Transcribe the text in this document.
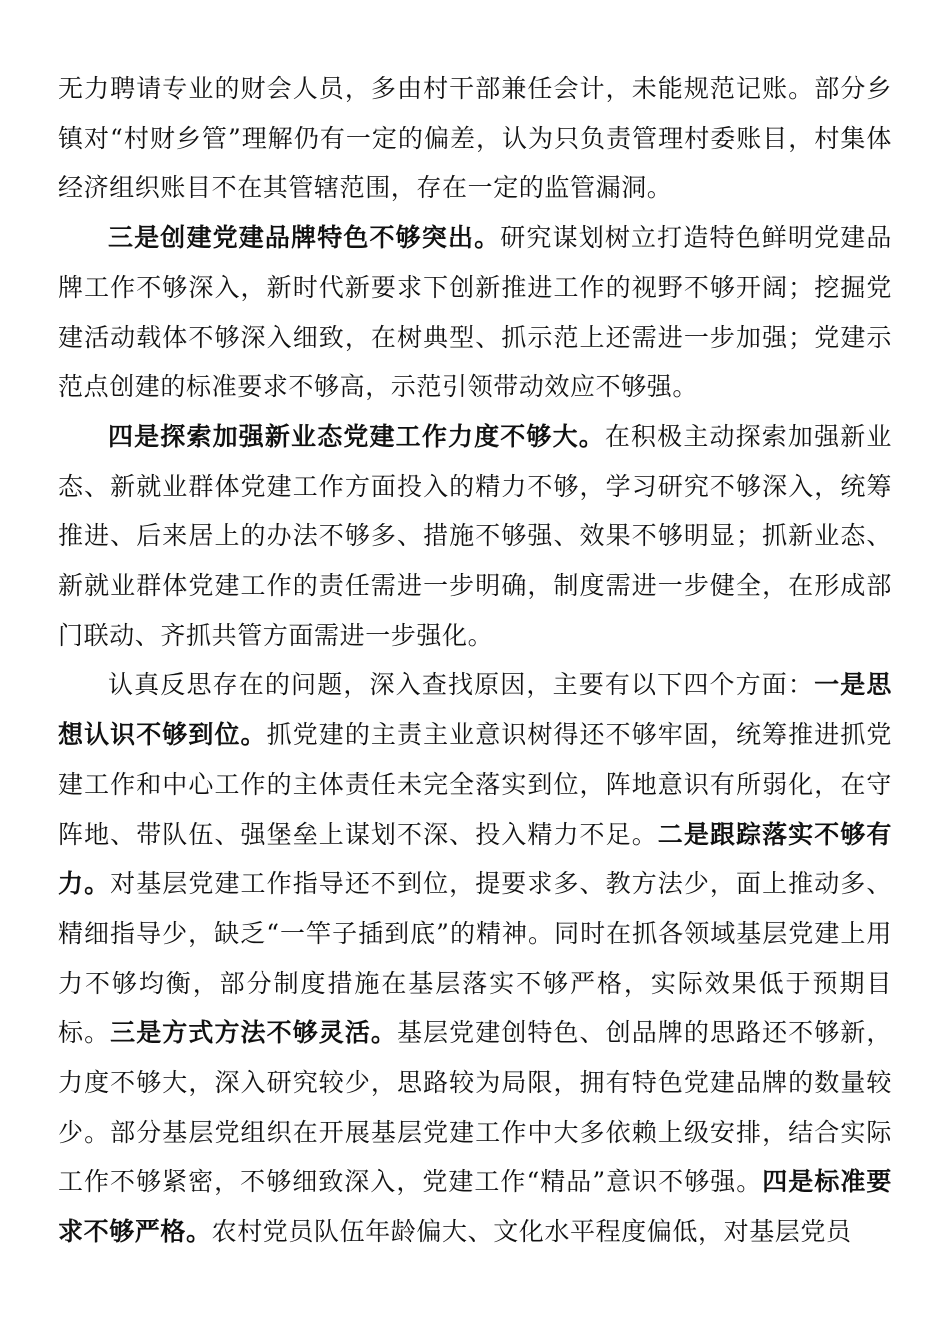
无力聘请专业的财会人员，多由村干部兼任会计，未能规范记账。部分乡镇对“村财乡管”理解仍有一定的偏差，认为只负责管理村委账目，村集体经济组织账目不在其管辖范围，存在一定的监管漏洞。

三是创建党建品牌特色不够突出。研究谋划树立打造特色鲜明党建品牌工作不够深入，新时代新要求下创新推进工作的视野不够开阔；挖掘党建活动载体不够深入细致，在树典型、抓示范上还需进一步加强；党建示范点创建的标准要求不够高，示范引领带动效应不够强。

四是探索加强新业态党建工作力度不够大。在积极主动探索加强新业态、新就业群体党建工作方面投入的精力不够，学习研究不够深入，统筹推进、后来居上的办法不够多、措施不够强、效果不够明显；抓新业态、新就业群体党建工作的责任需进一步明确，制度需进一步健全，在形成部门联动、齐抓共管方面需进一步强化。

认真反思存在的问题，深入查找原因，主要有以下四个方面：一是思想认识不够到位。抓党建的主责主业意识树得还不够牢固，统筹推进抓党建工作和中心工作的主体责任未完全落实到位，阵地意识有所弱化，在守阵地、带队伍、强堡垒上谋划不深、投入精力不足。二是跟踪落实不够有力。对基层党建工作指导还不到位，提要求多、教方法少，面上推动多、精细指导少，缺乏“一竿子插到底”的精神。同时在抓各领域基层党建上用力不够均衡，部分制度措施在基层落实不够严格，实际效果低于预期目标。三是方式方法不够灵活。基层党建创特色、创品牌的思路还不够新，力度不够大，深入研究较少，思路较为局限，拥有特色党建品牌的数量较少。部分基层党组织在开展基层党建工作中大多依赖上级安排，结合实际工作不够紧密，不够细致深入，党建工作“精品”意识不够强。四是标准要求不够严格。农村党员队伍年龄偏大、文化水平程度偏低，对基层党员
